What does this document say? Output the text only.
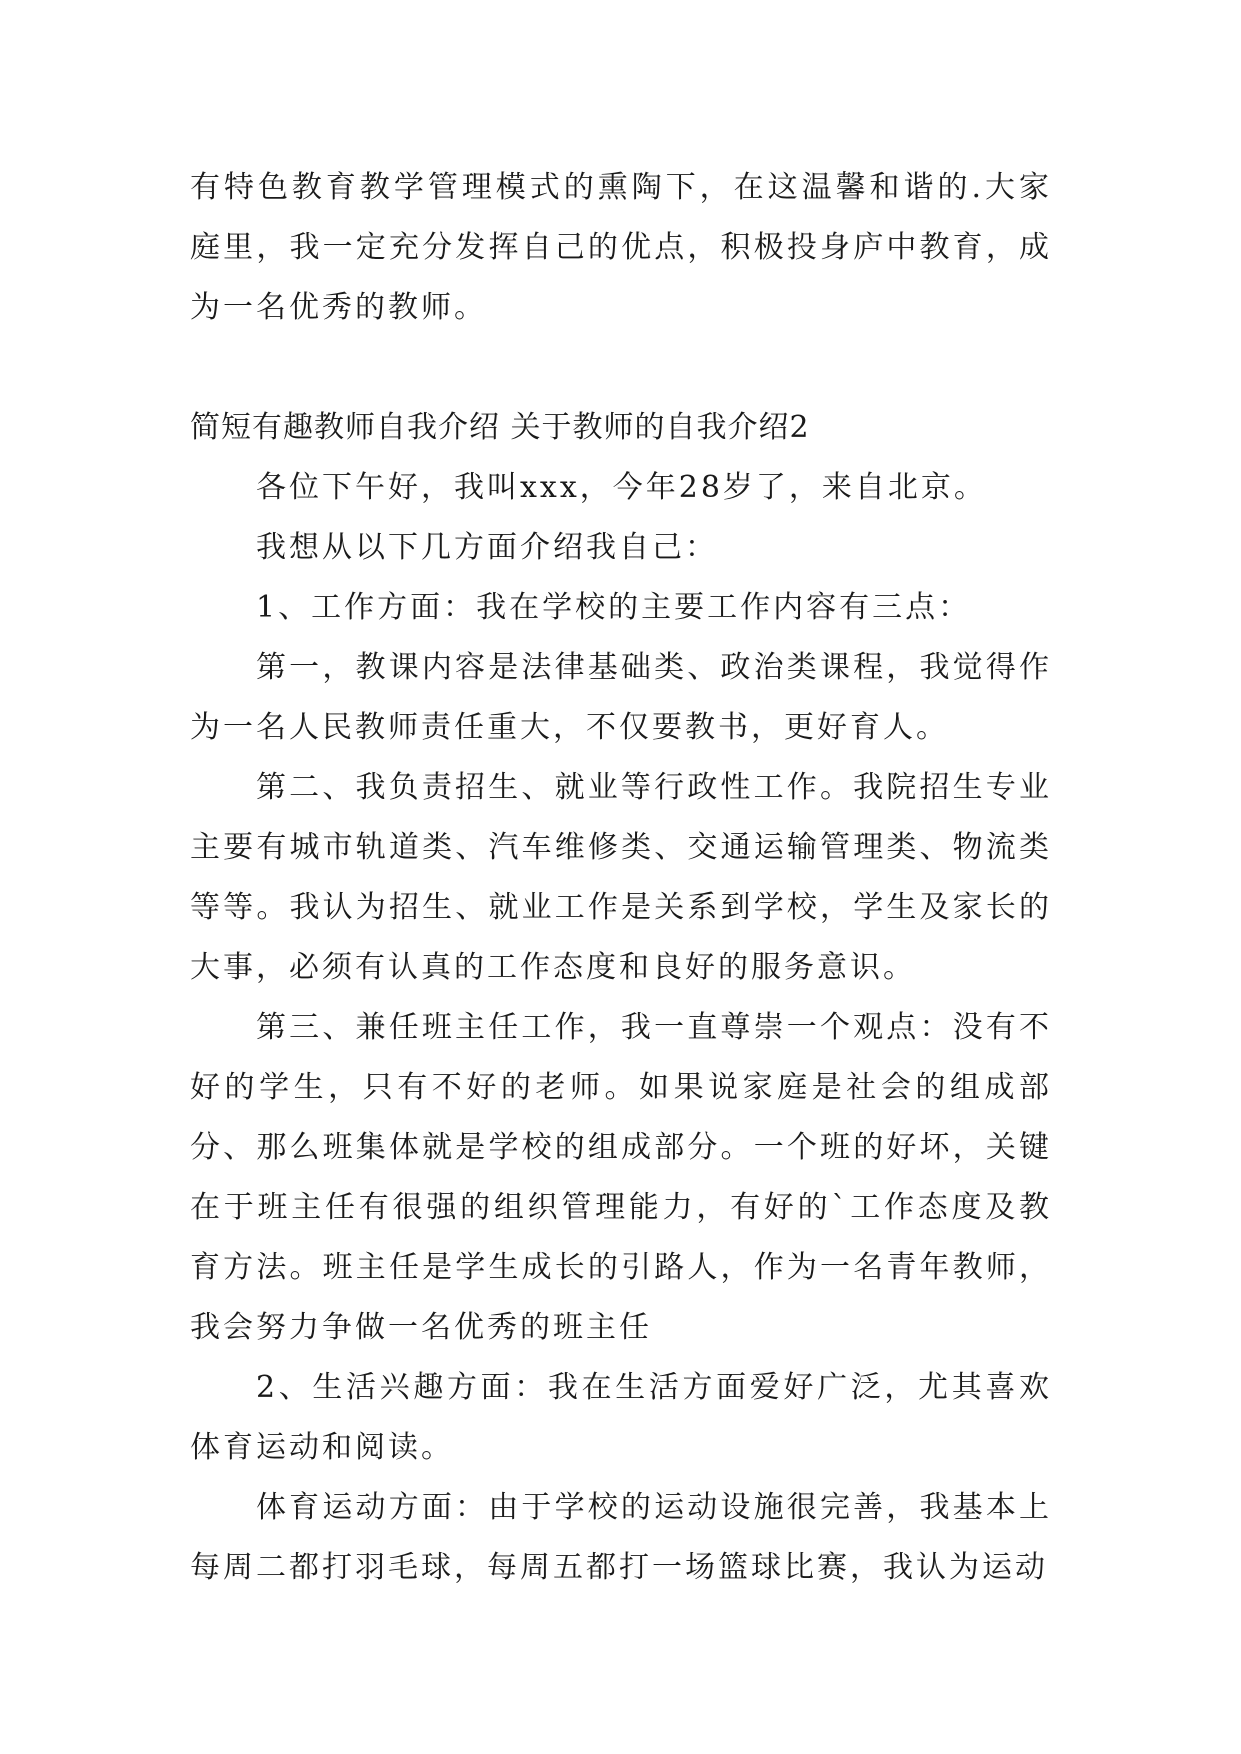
有特色教育教学管理模式的熏陶下，在这温馨和谐的.大家庭里，我一定充分发挥自己的优点，积极投身庐中教育，成为一名优秀的教师。

简短有趣教师自我介绍 关于教师的自我介绍2

各位下午好，我叫xxx，今年28岁了，来自北京。

我想从以下几方面介绍我自己：

1、工作方面：我在学校的主要工作内容有三点：

第一，教课内容是法律基础类、政治类课程，我觉得作为一名人民教师责任重大，不仅要教书，更好育人。

第二、我负责招生、就业等行政性工作。我院招生专业主要有城市轨道类、汽车维修类、交通运输管理类、物流类等等。我认为招生、就业工作是关系到学校，学生及家长的大事，必须有认真的工作态度和良好的服务意识。

第三、兼任班主任工作，我一直尊崇一个观点：没有不好的学生，只有不好的老师。如果说家庭是社会的组成部分、那么班集体就是学校的组成部分。一个班的好坏，关键在于班主任有很强的组织管理能力，有好的`工作态度及教育方法。班主任是学生成长的引路人，作为一名青年教师，我会努力争做一名优秀的班主任

2、生活兴趣方面：我在生活方面爱好广泛，尤其喜欢体育运动和阅读。

体育运动方面：由于学校的运动设施很完善，我基本上每周二都打羽毛球，每周五都打一场篮球比赛，我认为运动
